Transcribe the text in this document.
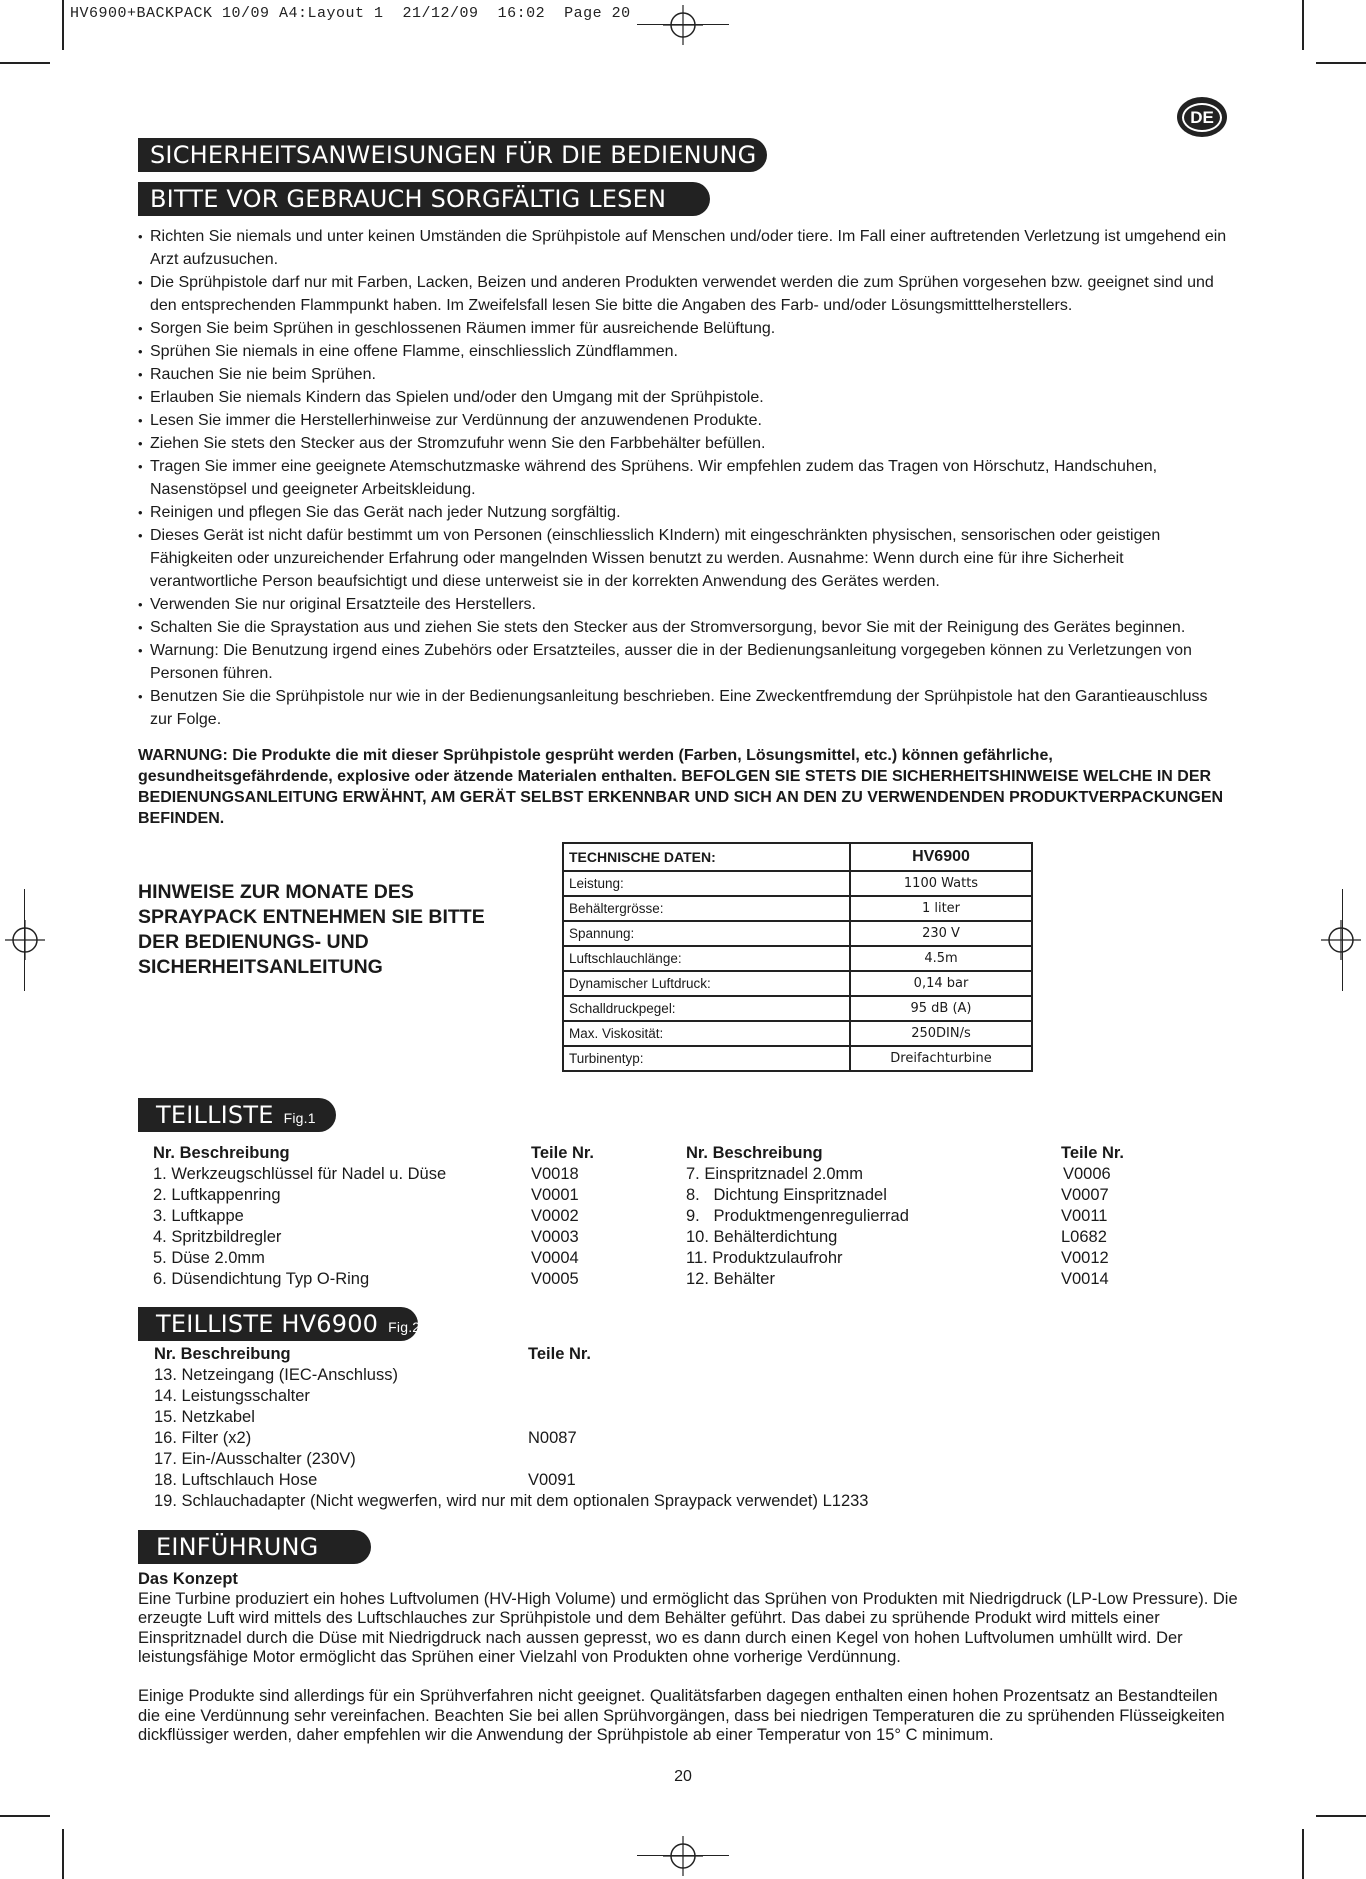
HV6900+BACKPACK 10/09 A4:Layout 1  21/12/09  16:02  Page 20
DE
SICHERHEITSANWEISUNGEN FÜR DIE BEDIENUNG
BITTE VOR GEBRAUCH SORGFÄLTIG LESEN
• Richten Sie niemals und unter keinen Umständen die Sprühpistole auf Menschen und/oder tiere. Im Fall einer auftretenden Verletzung ist umgehend ein Arzt aufzusuchen.
• Die Sprühpistole darf nur mit Farben, Lacken, Beizen und anderen Produkten verwendet werden die zum Sprühen vorgesehen bzw. geeignet sind und den entsprechenden Flammpunkt haben. Im Zweifelsfall lesen Sie bitte die Angaben des Farb- und/oder Lösungsmitttelherstellers.
• Sorgen Sie beim Sprühen in geschlossenen Räumen immer für ausreichende Belüftung.
• Sprühen Sie niemals in eine offene Flamme, einschliesslich Zündflammen.
• Rauchen Sie nie beim Sprühen.
• Erlauben Sie niemals Kindern das Spielen und/oder den Umgang mit der Sprühpistole.
• Lesen Sie immer die Herstellerhinweise zur Verdünnung der anzuwendenen Produkte.
• Ziehen Sie stets den Stecker aus der Stromzufuhr wenn Sie den Farbbehälter befüllen.
• Tragen Sie immer eine geeignete Atemschutzmaske während des Sprühens. Wir empfehlen zudem das Tragen von Hörschutz, Handschuhen, Nasenstöpsel und geeigneter Arbeitskleidung.
• Reinigen und pflegen Sie das Gerät nach jeder Nutzung sorgfältig.
• Dieses Gerät ist nicht dafür bestimmt um von Personen (einschliesslich KIndern) mit eingeschränkten physischen, sensorischen oder geistigen Fähigkeiten oder unzureichender Erfahrung oder mangelnden Wissen benutzt zu werden. Ausnahme: Wenn durch eine für ihre Sicherheit verantwortliche Person beaufsichtigt und diese unterweist sie in der korrekten Anwendung des Gerätes werden.
• Verwenden Sie nur original Ersatzteile des Herstellers.
• Schalten Sie die Spraystation aus und ziehen Sie stets den Stecker aus der Stromversorgung, bevor Sie mit der Reinigung des Gerätes beginnen.
• Warnung: Die Benutzung irgend eines Zubehörs oder Ersatzteiles, ausser die in der Bedienungsanleitung vorgegeben können zu Verletzungen von Personen führen.
• Benutzen Sie die Sprühpistole nur wie in der Bedienungsanleitung beschrieben. Eine Zweckentfremdung der Sprühpistole hat den Garantieauschluss zur Folge.

WARNUNG: Die Produkte die mit dieser Sprühpistole gesprüht werden (Farben, Lösungsmittel, etc.) können gefährliche, gesundheitsgefährdende, explosive oder ätzende Materialen enthalten. BEFOLGEN SIE STETS DIE SICHERHEITSHINWEISE WELCHE IN DER BEDIENUNGSANLEITUNG ERWÄHNT, AM GERÄT SELBST ERKENNBAR UND SICH AN DEN ZU VERWENDENDEN PRODUKTVERPACKUNGEN BEFINDEN.

HINWEISE ZUR MONATE DES SPRAYPACK ENTNEHMEN SIE BITTE DER BEDIENUNGS- UND SICHERHEITSANLEITUNG

TECHNISCHE DATEN:	HV6900
Leistung:	1100 Watts
Behältergrösse:	1 liter
Spannung:	230 V
Luftschlauchlänge:	4.5m
Dynamischer Luftdruck:	0,14 bar
Schalldruckpegel:	95 dB (A)
Max. Viskosität:	250DIN/s
Turbinentyp:	Dreifachturbine
TEILLISTE Fig.1
Nr. Beschreibung	Teile Nr.
1. Werkzeugschlüssel für Nadel u. Düse	V0018
2. Luftkappenring	V0001
3. Luftkappe	V0002
4. Spritzbildregler	V0003
5. Düse 2.0mm	V0004
6. Düsendichtung Typ O-Ring	V0005
Nr. Beschreibung	Teile Nr.
7. Einspritznadel 2.0mm	V0006
8.   Dichtung Einspritznadel	V0007
9.   Produktmengenregulierrad	V0011
10. Behälterdichtung	L0682
11. Produktzulaufrohr	V0012
12. Behälter	V0014
TEILLISTE HV6900 Fig.2
Nr. Beschreibung	Teile Nr.
13. Netzeingang (IEC-Anschluss)
14. Leistungsschalter
15. Netzkabel
16. Filter (x2)	N0087
17. Ein-/Ausschalter (230V)
18. Luftschlauch Hose	V0091
19. Schlauchadapter (Nicht wegwerfen, wird nur mit dem optionalen Spraypack verwendet) L1233
EINFÜHRUNG

Das Konzept

Eine Turbine produziert ein hohes Luftvolumen (HV-High Volume) und ermöglicht das Sprühen von Produkten mit Niedrigdruck (LP-Low Pressure). Die erzeugte Luft wird mittels des Luftschlauches zur Sprühpistole und dem Behälter geführt. Das dabei zu sprühende Produkt wird mittels einer Einspritznadel durch die Düse mit Niedrigdruck nach aussen gepresst, wo es dann durch einen Kegel von hohen Luftvolumen umhüllt wird. Der leistungsfähige Motor ermöglicht das Sprühen einer Vielzahl von Produkten ohne vorherige Verdünnung.

Einige Produkte sind allerdings für ein Sprühverfahren nicht geeignet. Qualitätsfarben dagegen enthalten einen hohen Prozentsatz an Bestandteilen die eine Verdünnung sehr vereinfachen. Beachten Sie bei allen Sprühvorgängen, dass bei niedrigen Temperaturen die zu sprühenden Flüsseigkeiten dickflüssiger werden, daher empfehlen wir die Anwendung der Sprühpistole ab einer Temperatur von 15° C minimum.

20
